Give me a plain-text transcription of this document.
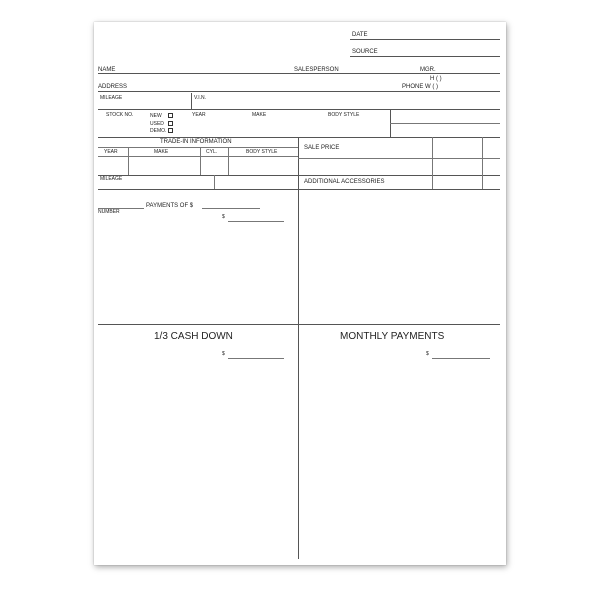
DATE
SOURCE
NAME	SALESPERSON	MGR.
H ( )
ADDRESS	PHONE W ( )
MILEAGE	V.I.N.
STOCK NO.	NEW
USED
DEMO.
YEAR	MAKE	BODY STYLE
TRADE-IN INFORMATION
YEAR	MAKE	CYL.	BODY STYLE
MILEAGE
SALE PRICE
ADDITIONAL ACCESSORIES
PAYMENTS OF $
NUMBER
$
1/3 CASH DOWN
$
MONTHLY PAYMENTS
$
